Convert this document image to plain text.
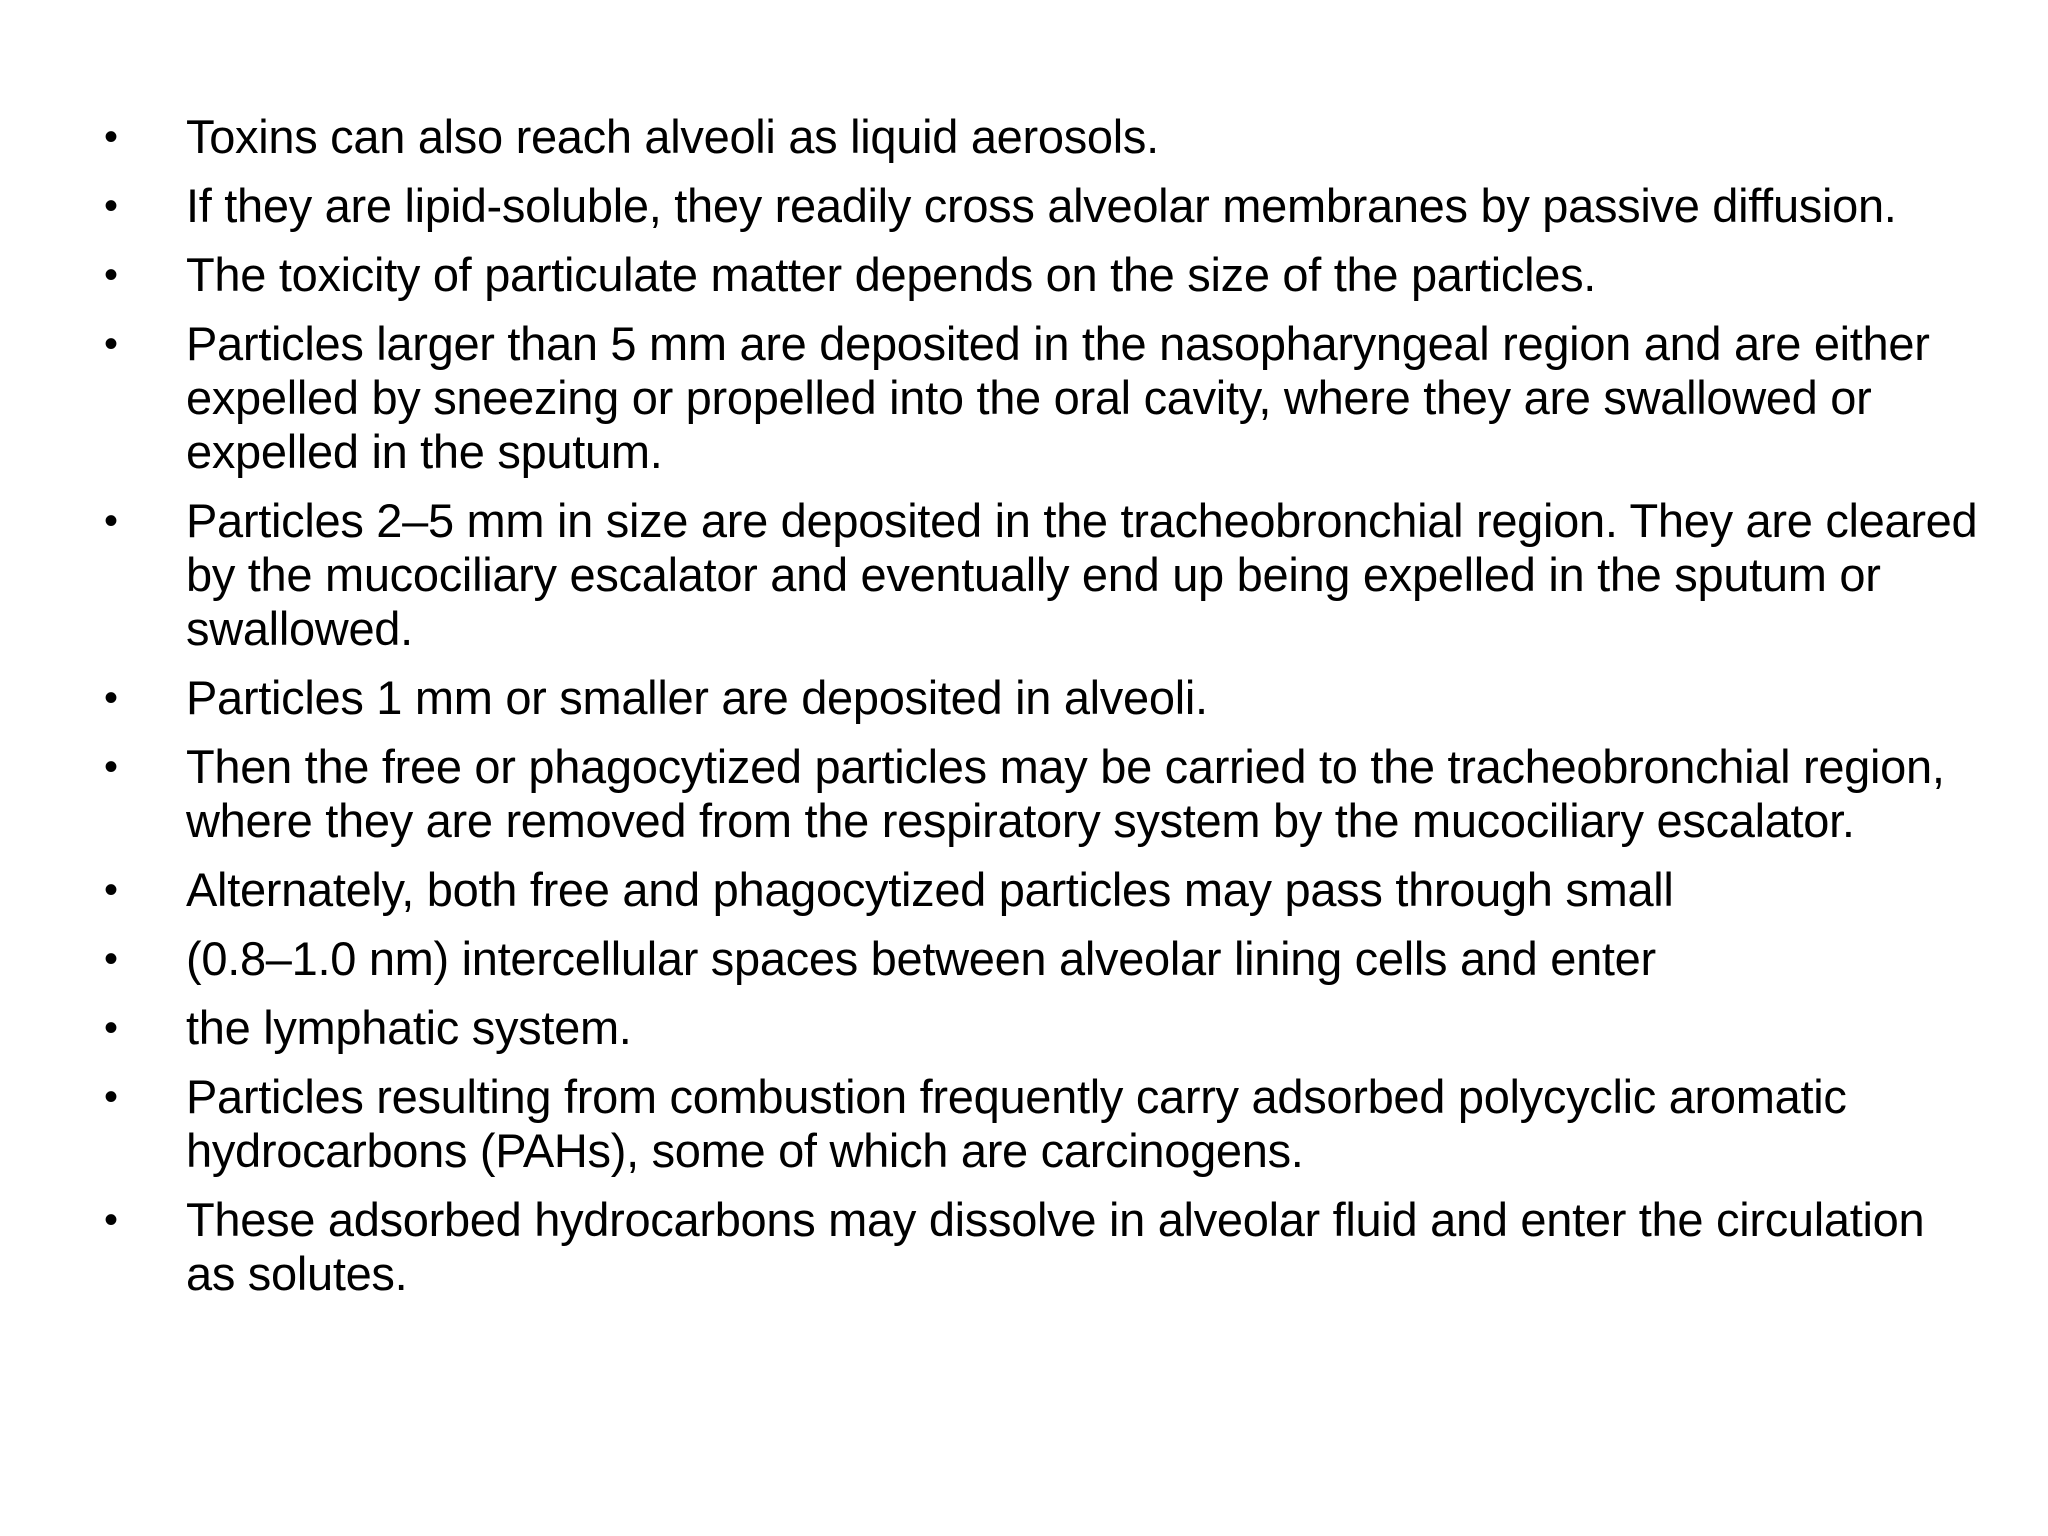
• Toxins can also reach alveoli as liquid aerosols.
• If they are lipid-soluble, they readily cross alveolar membranes by passive diffusion.
• The toxicity of particulate matter depends on the size of the particles.
• Particles larger than 5 mm are deposited in the nasopharyngeal region and are either expelled by sneezing or propelled into the oral cavity, where they are swallowed or expelled in the sputum.
• Particles 2–5 mm in size are deposited in the tracheobronchial region. They are cleared by the mucociliary escalator and eventually end up being expelled in the sputum or swallowed.
• Particles 1 mm or smaller are deposited in alveoli.
• Then the free or phagocytized particles may be carried to the tracheobronchial region, where they are removed from the respiratory system by the mucociliary escalator.
• Alternately, both free and phagocytized particles may pass through small
• (0.8–1.0 nm) intercellular spaces between alveolar lining cells and enter
• the lymphatic system.
• Particles resulting from combustion frequently carry adsorbed polycyclic aromatic hydrocarbons (PAHs), some of which are carcinogens.
• These adsorbed hydrocarbons may dissolve in alveolar fluid and enter the circulation as solutes.
